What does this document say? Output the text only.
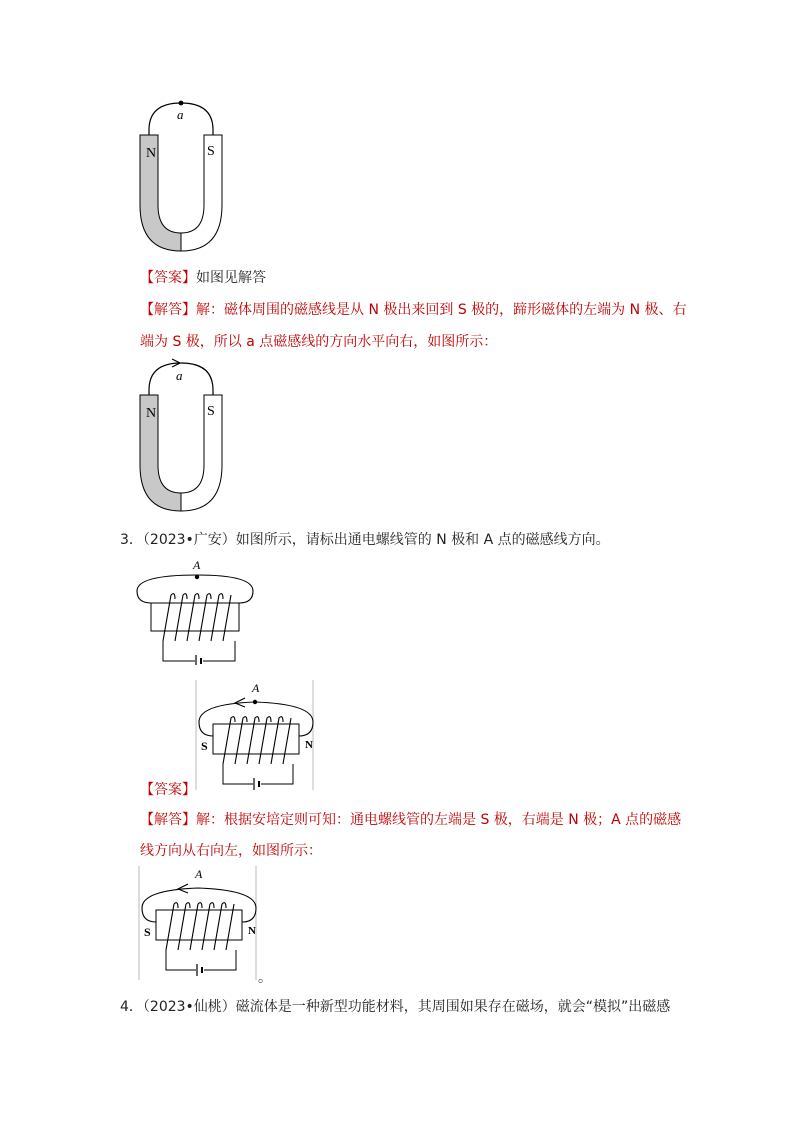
a
N	S
【答案】如图见解答
【解答】解：磁体周围的磁感线是从 N 极出来回到 S 极的，蹄形磁体的左端为 N 极、右
端为 S 极，所以 a 点磁感线的方向水平向右，如图所示：
a
N	S
3．（2023•广安）如图所示，请标出通电螺线管的 N 极和 A 点的磁感线方向。
A
A
S	N
【答案】
【解答】解：根据安培定则可知：通电螺线管的左端是 S 极，右端是 N 极；A 点的磁感
线方向从右向左，如图所示：
A
S	N
。
4．（2023•仙桃）磁流体是一种新型功能材料，其周围如果存在磁场，就会“模拟”出磁感
